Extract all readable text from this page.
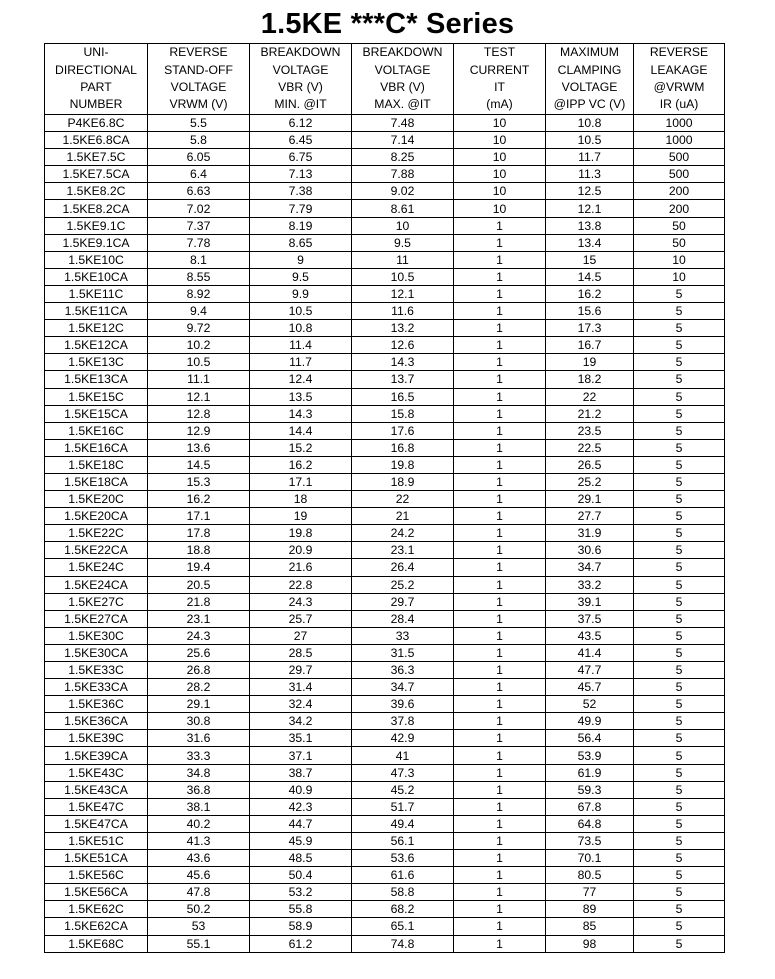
1.5KE ***C* Series
UNI-
DIRECTIONAL
PART
NUMBER	REVERSE
STAND-OFF
VOLTAGE
VRWM (V)	BREAKDOWN
VOLTAGE
VBR (V)
MIN. @IT	BREAKDOWN
VOLTAGE
VBR (V)
MAX. @IT	TEST
CURRENT
IT
(mA)	MAXIMUM
CLAMPING
VOLTAGE
@IPP VC (V)	REVERSE
LEAKAGE
@VRWM
IR (uA)

P4KE6.8C	5.5	6.12	7.48	10	10.8	1000
1.5KE6.8CA	5.8	6.45	7.14	10	10.5	1000
1.5KE7.5C	6.05	6.75	8.25	10	11.7	500
1.5KE7.5CA	6.4	7.13	7.88	10	11.3	500
1.5KE8.2C	6.63	7.38	9.02	10	12.5	200
1.5KE8.2CA	7.02	7.79	8.61	10	12.1	200
1.5KE9.1C	7.37	8.19	10	1	13.8	50
1.5KE9.1CA	7.78	8.65	9.5	1	13.4	50
1.5KE10C	8.1	9	11	1	15	10
1.5KE10CA	8.55	9.5	10.5	1	14.5	10
1.5KE11C	8.92	9.9	12.1	1	16.2	5
1.5KE11CA	9.4	10.5	11.6	1	15.6	5
1.5KE12C	9.72	10.8	13.2	1	17.3	5
1.5KE12CA	10.2	11.4	12.6	1	16.7	5
1.5KE13C	10.5	11.7	14.3	1	19	5
1.5KE13CA	11.1	12.4	13.7	1	18.2	5
1.5KE15C	12.1	13.5	16.5	1	22	5
1.5KE15CA	12.8	14.3	15.8	1	21.2	5
1.5KE16C	12.9	14.4	17.6	1	23.5	5
1.5KE16CA	13.6	15.2	16.8	1	22.5	5
1.5KE18C	14.5	16.2	19.8	1	26.5	5
1.5KE18CA	15.3	17.1	18.9	1	25.2	5
1.5KE20C	16.2	18	22	1	29.1	5
1.5KE20CA	17.1	19	21	1	27.7	5
1.5KE22C	17.8	19.8	24.2	1	31.9	5
1.5KE22CA	18.8	20.9	23.1	1	30.6	5
1.5KE24C	19.4	21.6	26.4	1	34.7	5
1.5KE24CA	20.5	22.8	25.2	1	33.2	5
1.5KE27C	21.8	24.3	29.7	1	39.1	5
1.5KE27CA	23.1	25.7	28.4	1	37.5	5
1.5KE30C	24.3	27	33	1	43.5	5
1.5KE30CA	25.6	28.5	31.5	1	41.4	5
1.5KE33C	26.8	29.7	36.3	1	47.7	5
1.5KE33CA	28.2	31.4	34.7	1	45.7	5
1.5KE36C	29.1	32.4	39.6	1	52	5
1.5KE36CA	30.8	34.2	37.8	1	49.9	5
1.5KE39C	31.6	35.1	42.9	1	56.4	5
1.5KE39CA	33.3	37.1	41	1	53.9	5
1.5KE43C	34.8	38.7	47.3	1	61.9	5
1.5KE43CA	36.8	40.9	45.2	1	59.3	5
1.5KE47C	38.1	42.3	51.7	1	67.8	5
1.5KE47CA	40.2	44.7	49.4	1	64.8	5
1.5KE51C	41.3	45.9	56.1	1	73.5	5
1.5KE51CA	43.6	48.5	53.6	1	70.1	5
1.5KE56C	45.6	50.4	61.6	1	80.5	5
1.5KE56CA	47.8	53.2	58.8	1	77	5
1.5KE62C	50.2	55.8	68.2	1	89	5
1.5KE62CA	53	58.9	65.1	1	85	5
1.5KE68C	55.1	61.2	74.8	1	98	5
